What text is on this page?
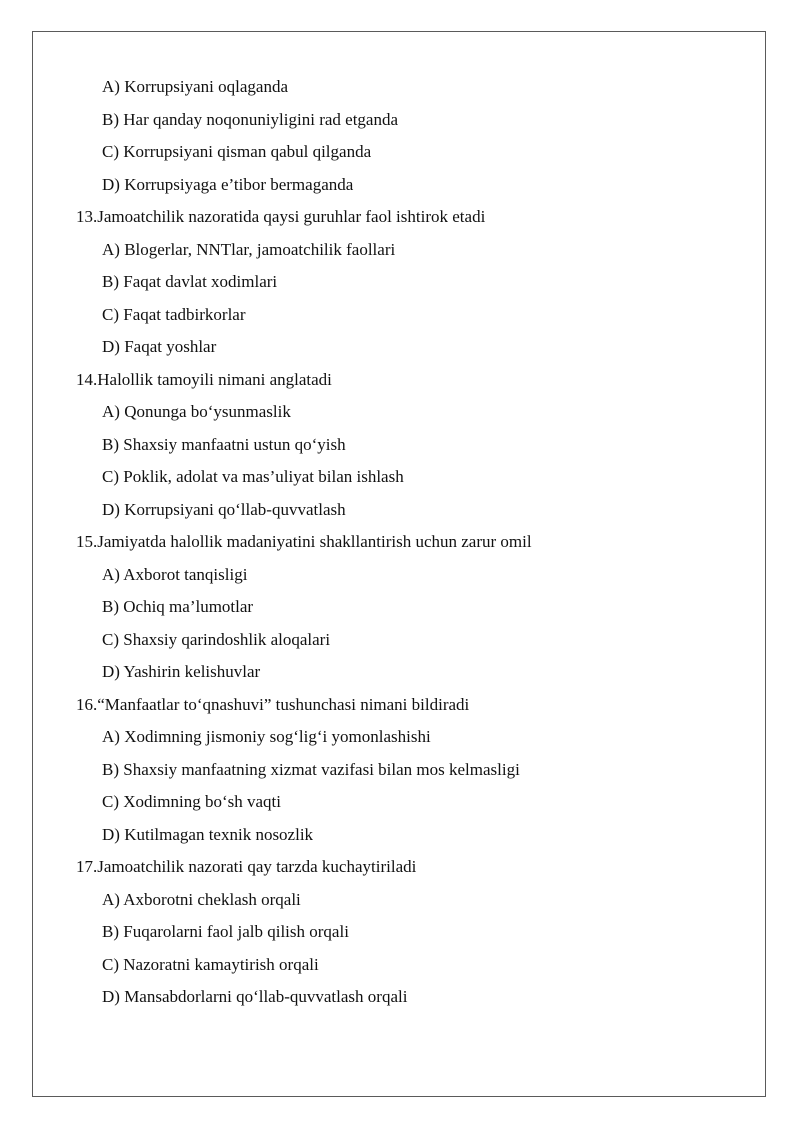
A) Korrupsiyani oqlaganda
B) Har qanday noqonuniyligini rad etganda
C) Korrupsiyani qisman qabul qilganda
D) Korrupsiyaga e’tibor bermaganda
13.Jamoatchilik nazoratida qaysi guruhlar faol ishtirok etadi
A) Blogerlar, NNTlar, jamoatchilik faollari
B) Faqat davlat xodimlari
C) Faqat tadbirkorlar
D) Faqat yoshlar
14.Halollik tamoyili nimani anglatadi
A) Qonunga bo‘ysunmaslik
B) Shaxsiy manfaatni ustun qo‘yish
C) Poklik, adolat va mas’uliyat bilan ishlash
D) Korrupsiyani qo‘llab-quvvatlash
15.Jamiyatda halollik madaniyatini shakllantirish uchun zarur omil
A) Axborot tanqisligi
B) Ochiq ma’lumotlar
C) Shaxsiy qarindoshlik aloqalari
D) Yashirin kelishuvlar
16.“Manfaatlar to‘qnashuvi” tushunchasi nimani bildiradi
A) Xodimning jismoniy sog‘lig‘i yomonlashishi
B) Shaxsiy manfaatning xizmat vazifasi bilan mos kelmasligi
C) Xodimning bo‘sh vaqti
D) Kutilmagan texnik nosozlik
17.Jamoatchilik nazorati qay tarzda kuchaytiriladi
A) Axborotni cheklash orqali
B) Fuqarolarni faol jalb qilish orqali
C) Nazoratni kamaytirish orqali
D) Mansabdorlarni qo‘llab-quvvatlash orqali
